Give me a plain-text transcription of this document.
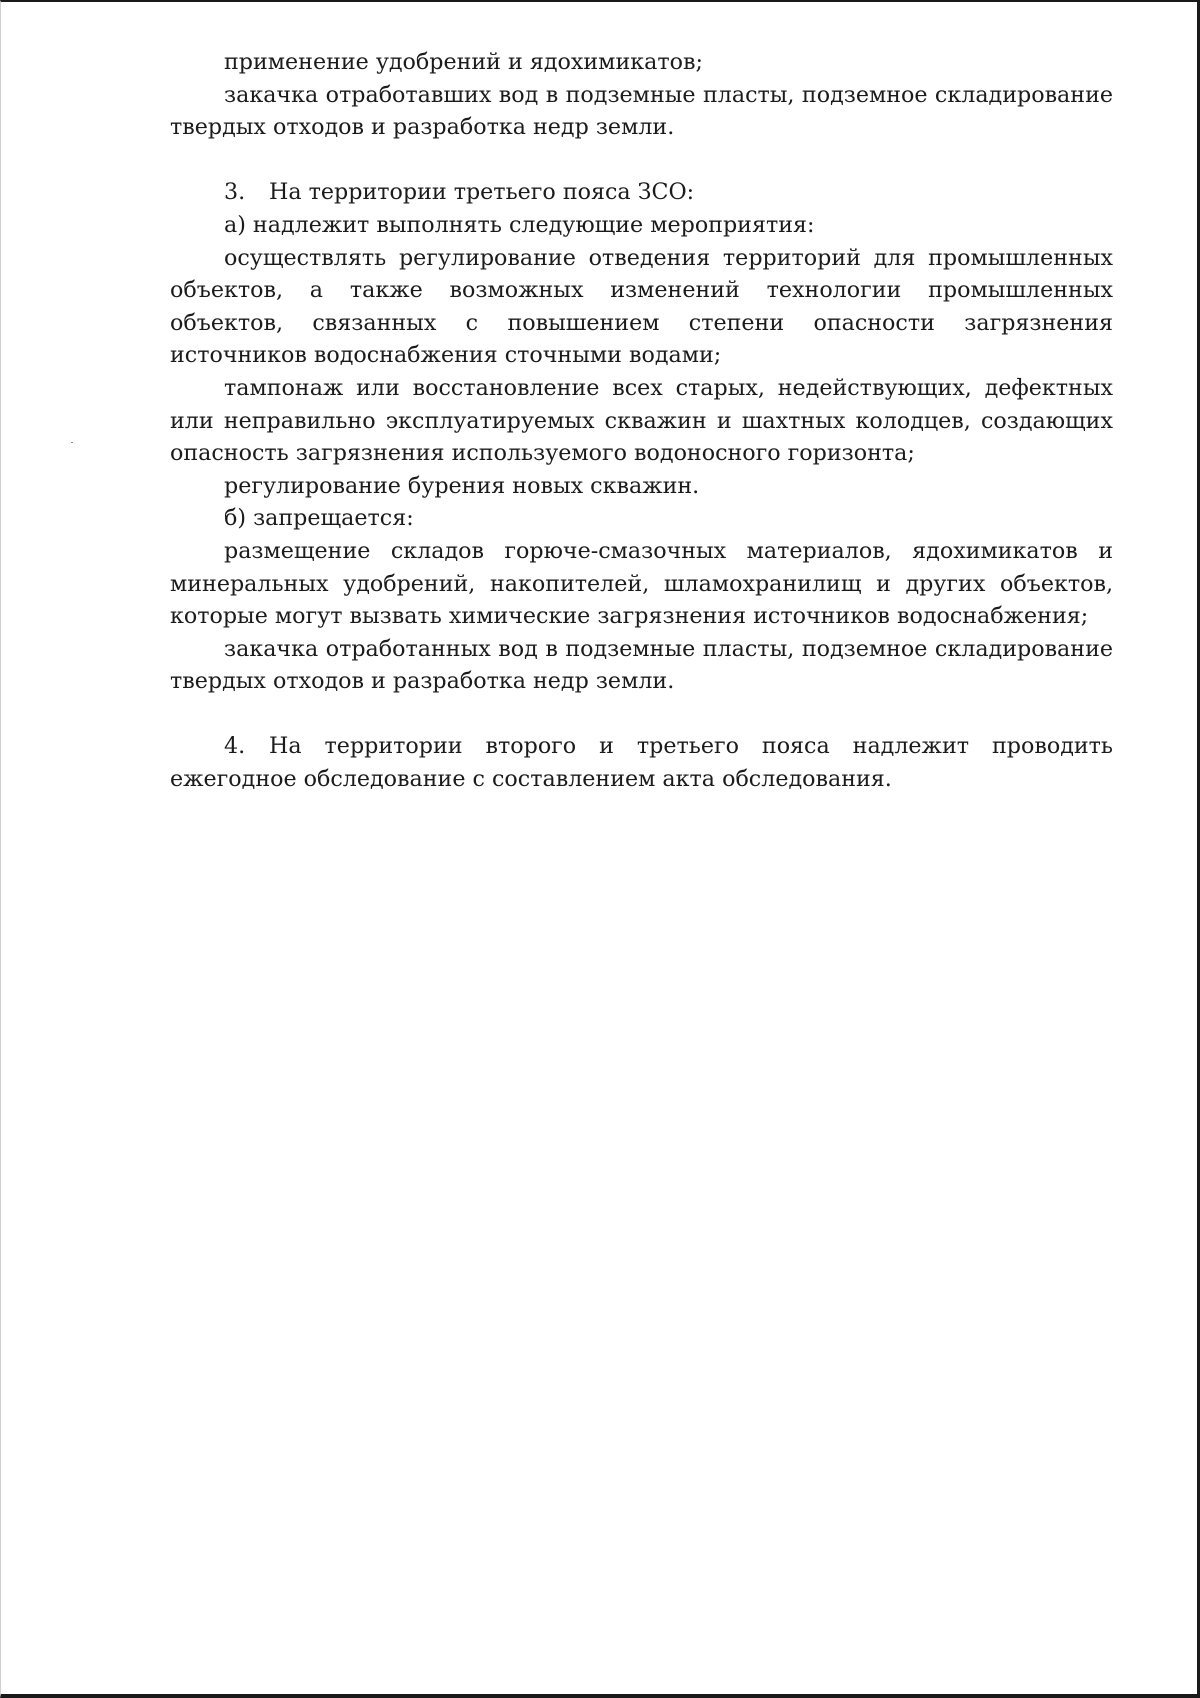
применение удобрений и ядохимикатов;

закачка отработавших вод в подземные пласты, подземное складирование твердых отходов и разработка недр земли.

3. На территории третьего пояса ЗСО:

а) надлежит выполнять следующие мероприятия:

осуществлять регулирование отведения территорий для промышленных объектов, а также возможных изменений технологии промышленных объектов, связанных с повышением степени опасности загрязнения источников водоснабжения сточными водами;

тампонаж или восстановление всех старых, недействующих, дефектных или неправильно эксплуатируемых скважин и шахтных колодцев, создающих опасность загрязнения используемого водоносного горизонта;

регулирование бурения новых скважин.

б) запрещается:

размещение складов горюче-смазочных материалов, ядохимикатов и минеральных удобрений, накопителей, шламохранилищ и других объектов, которые могут вызвать химические загрязнения источников водоснабжения;

закачка отработанных вод в подземные пласты, подземное складирование твердых отходов и разработка недр земли.

4. На территории второго и третьего пояса надлежит проводить ежегодное обследование с составлением акта обследования.
